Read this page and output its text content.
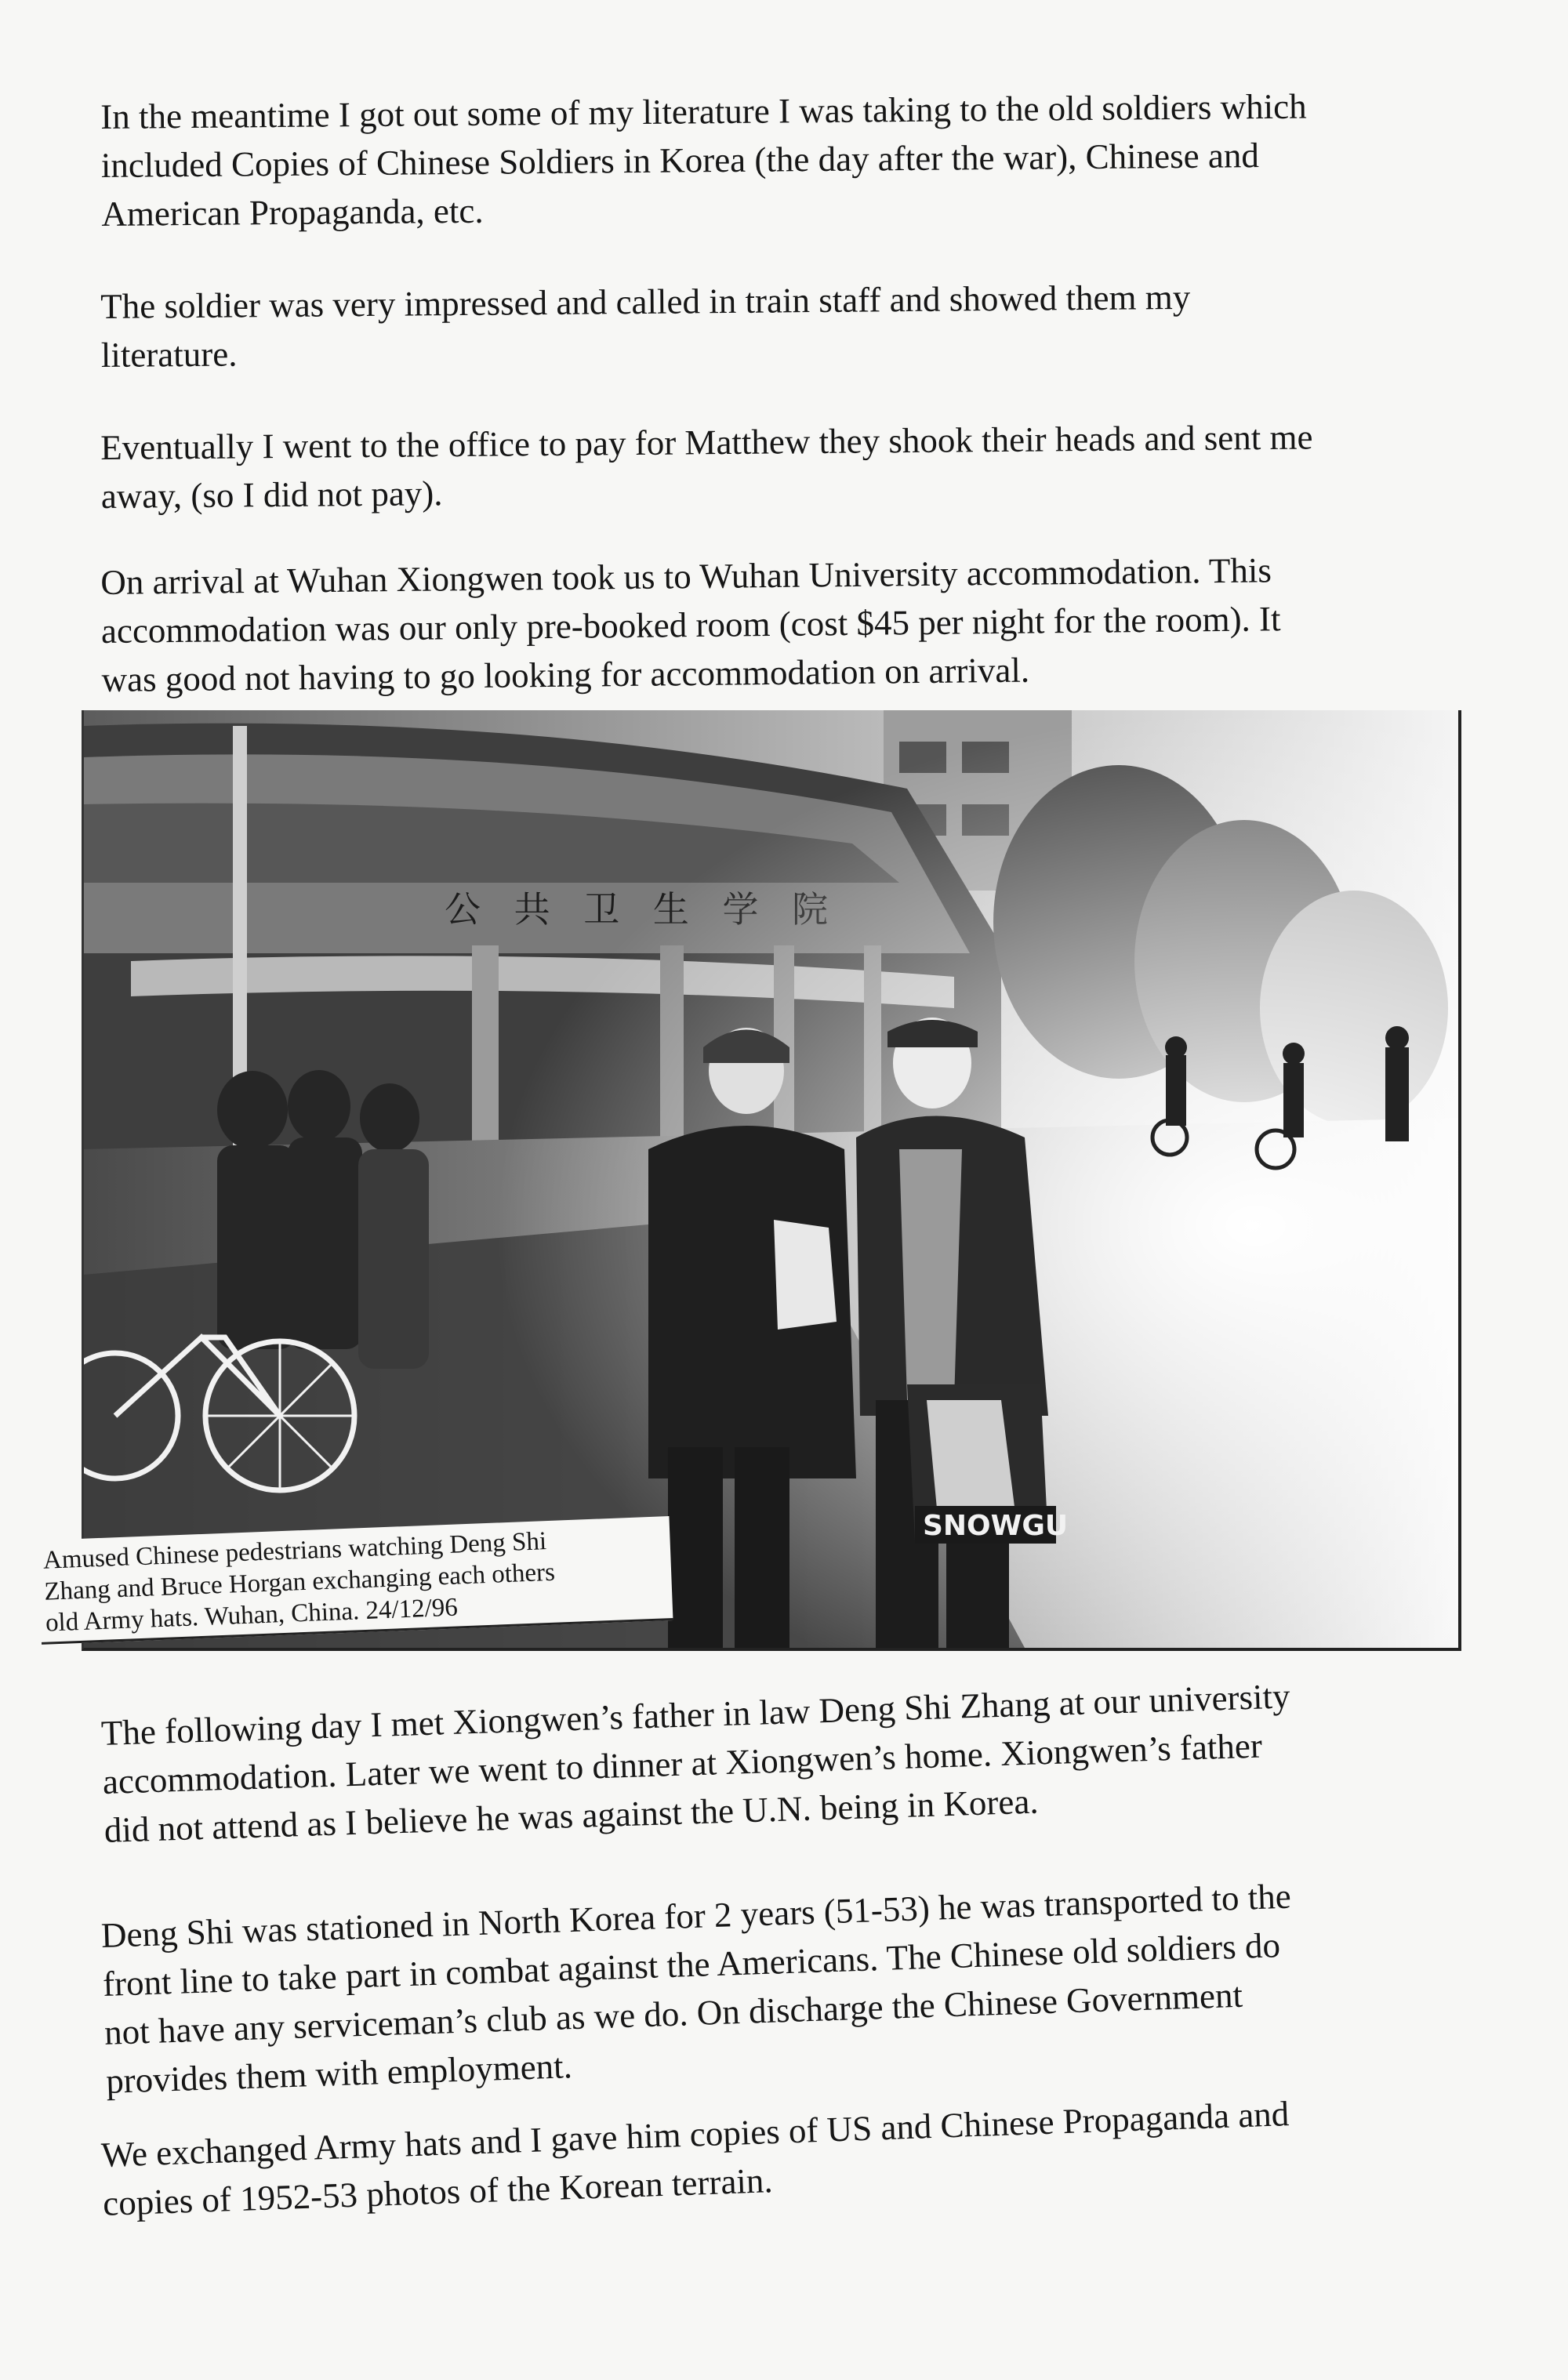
In the meantime I got out some of my literature I was taking to the old soldiers which
included Copies of Chinese Soldiers in Korea (the day after the war), Chinese and
American Propaganda, etc.

The soldier was very impressed and called in train staff and showed them my
literature.

Eventually I went to the office to pay for Matthew they shook their heads and sent me
away, (so I did not pay).

On arrival at Wuhan Xiongwen took us to Wuhan University accommodation. This
accommodation was our only pre-booked room (cost $45 per night for the room). It
was good not having to go looking for accommodation on arrival.

SNOWGU
Amused Chinese pedestrians watching Deng Shi
Zhang and Bruce Horgan exchanging each others
old Army hats. Wuhan, China. 24/12/96

The following day I met Xiongwen’s father in law Deng Shi Zhang at our university
accommodation. Later we went to dinner at Xiongwen’s home. Xiongwen’s father
did not attend as I believe he was against the U.N. being in Korea.

Deng Shi was stationed in North Korea for 2 years (51-53) he was transported to the
front line to take part in combat against the Americans. The Chinese old soldiers do
not have any serviceman’s club as we do. On discharge the Chinese Government
provides them with employment.

We exchanged Army hats and I gave him copies of US and Chinese Propaganda and
copies of 1952-53 photos of the Korean terrain.
